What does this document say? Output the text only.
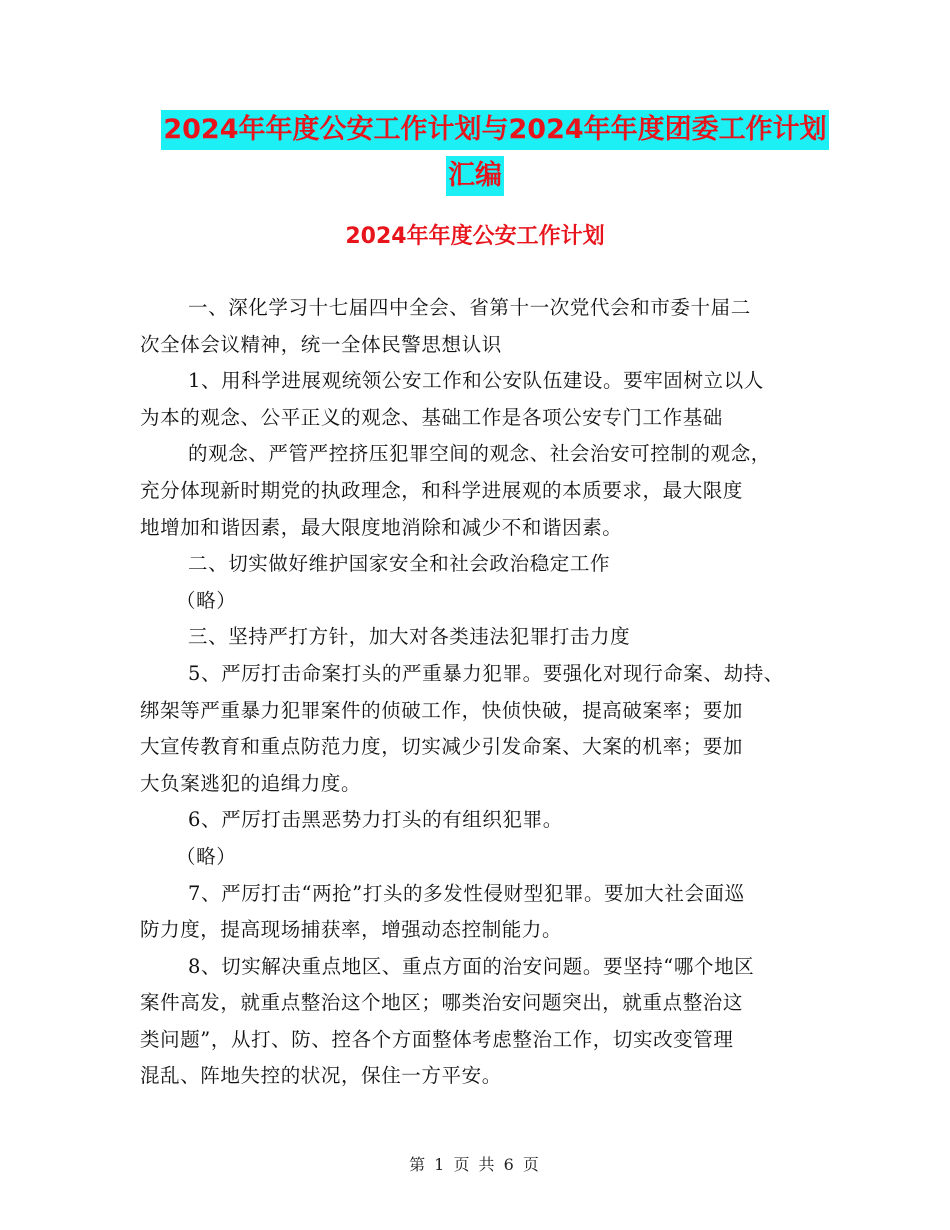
2024年年度公安工作计划与2024年年度团委工作计划
汇编
2024年年度公安工作计划
一、深化学习十七届四中全会、省第十一次党代会和市委十届二
次全体会议精神，统一全体民警思想认识
1、用科学进展观统领公安工作和公安队伍建设。要牢固树立以人
为本的观念、公平正义的观念、基础工作是各项公安专门工作基础
的观念、严管严控挤压犯罪空间的观念、社会治安可控制的观念，
充分体现新时期党的执政理念，和科学进展观的本质要求，最大限度
地增加和谐因素，最大限度地消除和减少不和谐因素。
二、切实做好维护国家安全和社会政治稳定工作
（略）
三、坚持严打方针，加大对各类违法犯罪打击力度
5、严厉打击命案打头的严重暴力犯罪。要强化对现行命案、劫持、
绑架等严重暴力犯罪案件的侦破工作，快侦快破，提高破案率；要加
大宣传教育和重点防范力度，切实减少引发命案、大案的机率；要加
大负案逃犯的追缉力度。
6、严厉打击黑恶势力打头的有组织犯罪。
（略）
7、严厉打击“两抢”打头的多发性侵财型犯罪。要加大社会面巡
防力度，提高现场捕获率，增强动态控制能力。
8、切实解决重点地区、重点方面的治安问题。要坚持“哪个地区
案件高发，就重点整治这个地区；哪类治安问题突出，就重点整治这
类问题”，从打、防、控各个方面整体考虑整治工作，切实改变管理
混乱、阵地失控的状况，保住一方平安。
第 1 页 共 6 页
